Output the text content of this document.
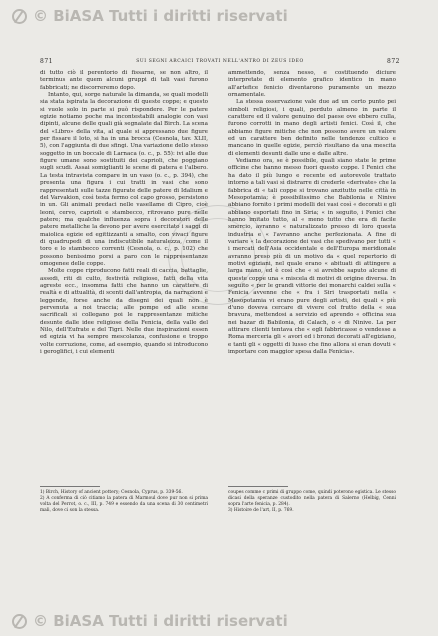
© BiASA Tutti i diritti riservati
871	SUI SEGNI ARCAICI TROVATI NELL'ANTRO DI ZEUS IDEO	872

di tutto ciò il perentorio di fissarne, se non altro, il terminus ante quem alcuni gruppi di tali vasi furono fabbricati; ne discorreremo dopo.

Intanto, qui, sorge naturale la dimanda, se quali modelli sia stata ispirata la decorazione di queste coppe; e questo si vuole solo in parte si può rispondere. Per le patere egizie notiamo poche ma incontestabili analogie con vasi dipinti, alcune delle quali già segnalate dal Birch. La scena del «Libro» della vita, al quale si appressano due figure per fissare il loto, si ha in una brocca (Cesnola, tav. XLII, 5), con l'aggiunta di due sfingi. Una variazione dello stesso soggetto in un boccale di Larnaca (o. c., p. 55): ivi alle due figure umane sono sostituiti dei caprioli, che poggiano sugli scudi. Assai somiglianti le scene di patera e l'albero. La testa intravista compare in un vaso (o. c., p. 394), che presenta una figura i cui tratti in vasi che sono rappresentati sulle tazze figurate delle patere di Idalium e del Varvakion, così testa fermo col capo grosso, persistono in un. Gli animali predaci nelle vasellame di Cipro, cioè leoni, cervo, caprioli e stambecco, ritrovano pure nelle patere; ma qualche influenza sopra i decoratori delle patere metalliche la devono per avere esercitato i saggi di maiolica egizie ed egittizzanti a smalto, con vivaci figure di quadrupedi di una indiscutibile naturalezza, come il toro e lo stambecco correnti (Cesnola, o. c., p. 102) che possono benissimo porsi a paro con le rappresentanze omogenee delle coppe.

Molte coppe riproducono fatti reali di caccia, battaglie, assedi, riti di culto, festività religiose, fatti della vita agreste ecc., insomma fatti che hanno un carattere di realtà e di attualità, di scenti dall'antropia, da narrazioni e leggende, forse anche da disegni dei quali non è pervenuta a noi traccia; alle pompe ed alle scene sacrificali si collegano poi le rappresentanze mitiche desunte dalle idee religiose della Fenicia, della valle del Nilo, dell'Eufrate e del Tigri. Nelle due inspirazioni essen ed egizia vi ha sempre mescolanza, confusione e troppo volte corruzione, come, ad esempio, quando si introducono i geroglifici, i cui elementi

ammettendo, senza nesso, e costituendo diciure interpretate di elemento grafico identico in mano all'artefice fenicio diventarono puramente un mezzo ornamentale.

La stessa osservazione vale due ad un certo punto pei simboli religiosi, i quali, perduto almeno in parte il carattere ed il valore genuino del paese ove ebbero culla, furono corrotti in mano degli artisti fenici. Così il, che abbiamo figure mitiche che non possono avere un valore ed un carattere ben definito nelle tendenze cultico e mancano in quelle egizie, perciò risultano da una mescita di elementi desunti dalle une e dalle altre.

Vediamo ora, se è possibile, quali siano state le prime officine che hanno messo fuori questo coppe. I Fenici che ha dato il più lungo e recente ed autorevole trattato intorno a tali vasi sì distrarre di crederle «derivate» che la fabbrica di « tali coppe si trovano anzitutto nelle città in Mesopotamia; è possibilissimo che Babilonia e Ninive abbiano fornito i primi modelli dei vasi così « decorati e gli abbiano esportati fino in Siria; « in seguito, i Fenici che hanno imitato tutto, al « meno tutto che era di facile smercio, avranno « naturalizzato presso di loro questa industria e « l'avranno anche perfezionata. A fine di variare « la decorazione dei vasi che spedivano per tutti « i mercati dell'Asia occidentale e dell'Europa meridionale avranno preso più di un motivo da « quel repertorio di motivi egiziani, nel quale erano « abituati di attingere a larga mano, ed è così che « si avrebbe saputo alcune di queste coppe una « miscela di motivi di origine diversa. In seguito « per le grandi vittorie dei monarchi caldei sulla « Fenicia avvenne che « fra i Siri trasportati nella « Mesopotamia vi erano pure degli artisti, dei quali « più d'uno doveva cercare di vivere col frutto della « sua bravura, mettendosi a servizio ed aprendo « officina sua nei bazar di Babilonia, di Calach, o « di Ninive. La per attirare clienti tentava che « egli fabbricasse o vendesse a Roma merceria gli « avori ed i bronzi decorati all'egiziano, e tanti gli « oggetti di lusso che fino allora si eran dovuti « importare con maggior spesa dalla Fenicia».

1) Birch, History of ancient pottery; Cesnola, Cyprus, p. 339-56.

2) A conferma di ciò citiamo la patera di Marmoul dove pur non si prima volta del Perrot, o. c., III, p. 749 e essendo da una scena di 30 centimetri mali, dove ci son la stessa.

coupes comme c primi di gruppo come, quindi poterono egistica. Le stesso dicasi della speranze custodito nella patera di Salerno (Helbig, Cenni sopra l'arte fenicia, p. 284).

3) Histoire de l'art, II, p. 769.

© BiASA Tutti i diritti riservati
